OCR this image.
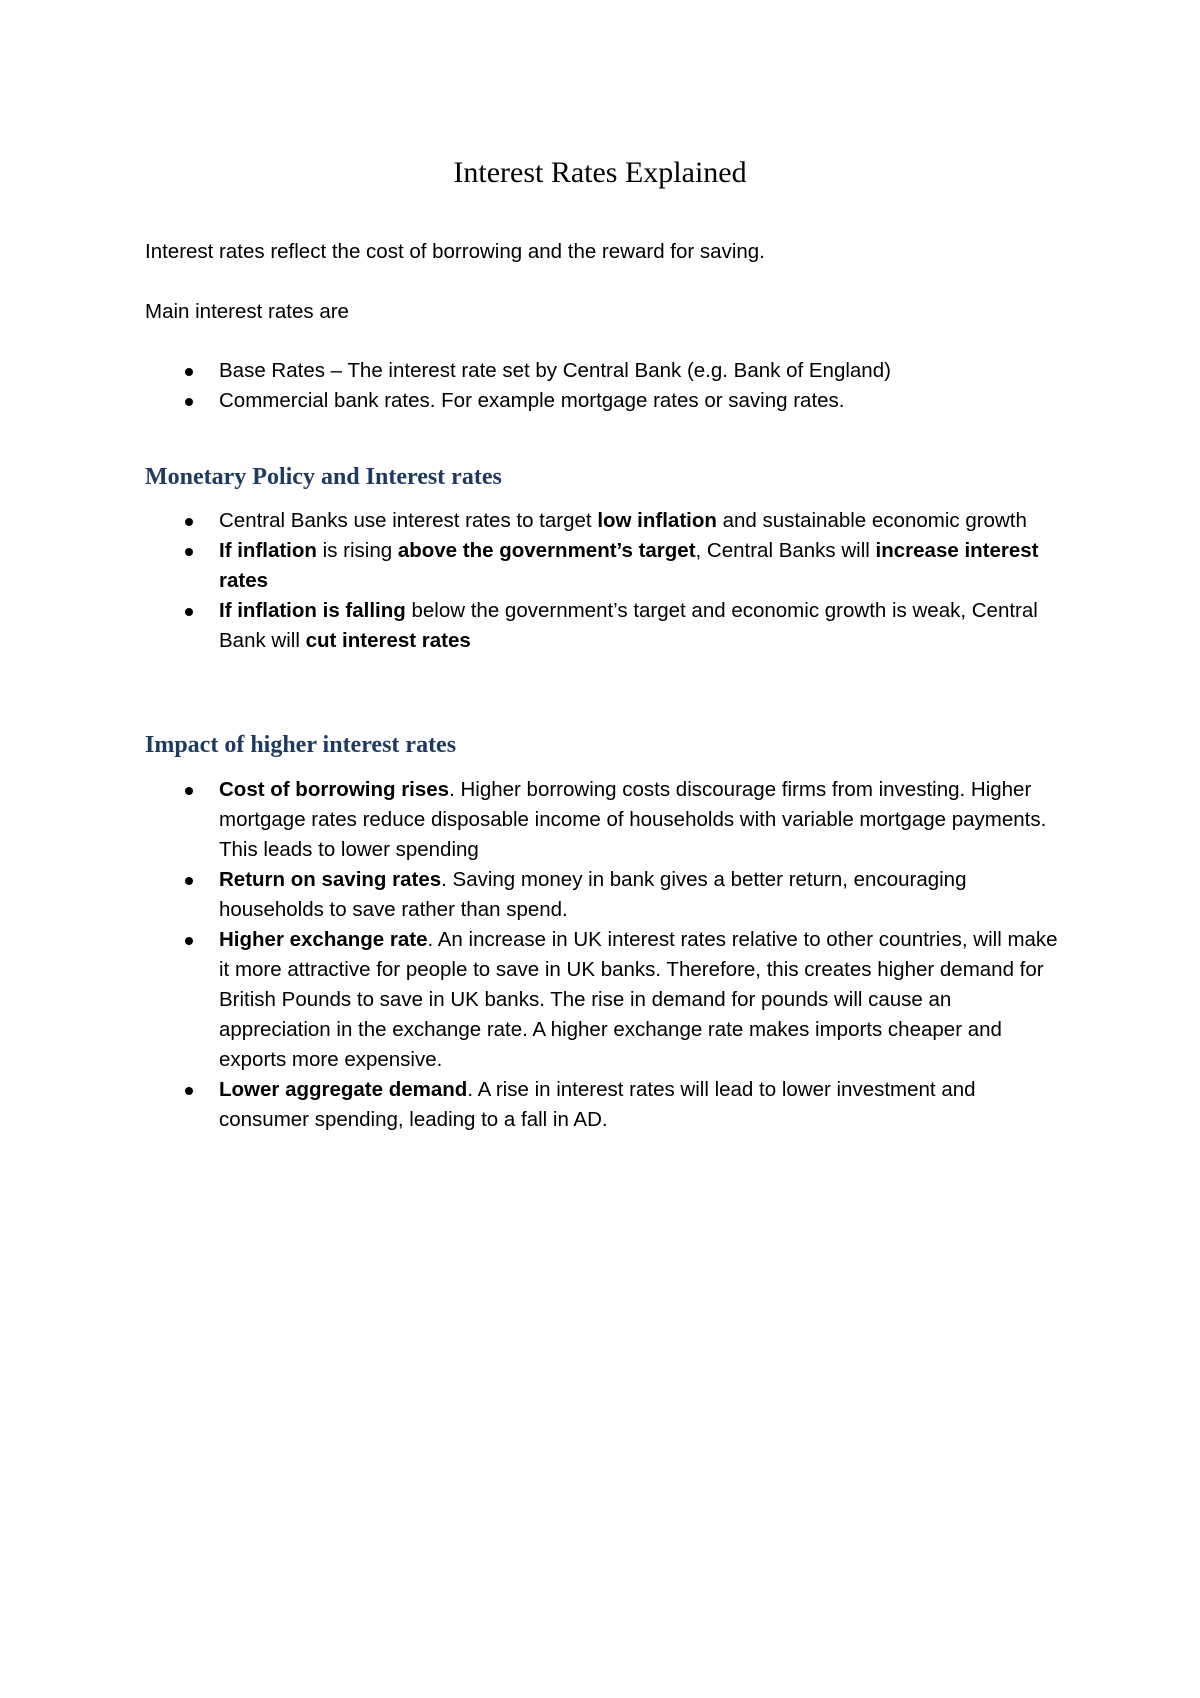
Interest Rates Explained

Interest rates reflect the cost of borrowing and the reward for saving.

Main interest rates are

Base Rates – The interest rate set by Central Bank (e.g. Bank of England)
Commercial bank rates. For example mortgage rates or saving rates.
Monetary Policy and Interest rates
Central Banks use interest rates to target low inflation and sustainable economic growth
If inflation is rising above the government’s target, Central Banks will increase interest rates
If inflation is falling below the government’s target and economic growth is weak, Central Bank will cut interest rates
Impact of higher interest rates
Cost of borrowing rises. Higher borrowing costs discourage firms from investing. Higher mortgage rates reduce disposable income of households with variable mortgage payments. This leads to lower spending
Return on saving rates. Saving money in bank gives a better return, encouraging households to save rather than spend.
Higher exchange rate. An increase in UK interest rates relative to other countries, will make it more attractive for people to save in UK banks. Therefore, this creates higher demand for British Pounds to save in UK banks. The rise in demand for pounds will cause an appreciation in the exchange rate. A higher exchange rate makes imports cheaper and exports more expensive.
Lower aggregate demand. A rise in interest rates will lead to lower investment and consumer spending, leading to a fall in AD.
